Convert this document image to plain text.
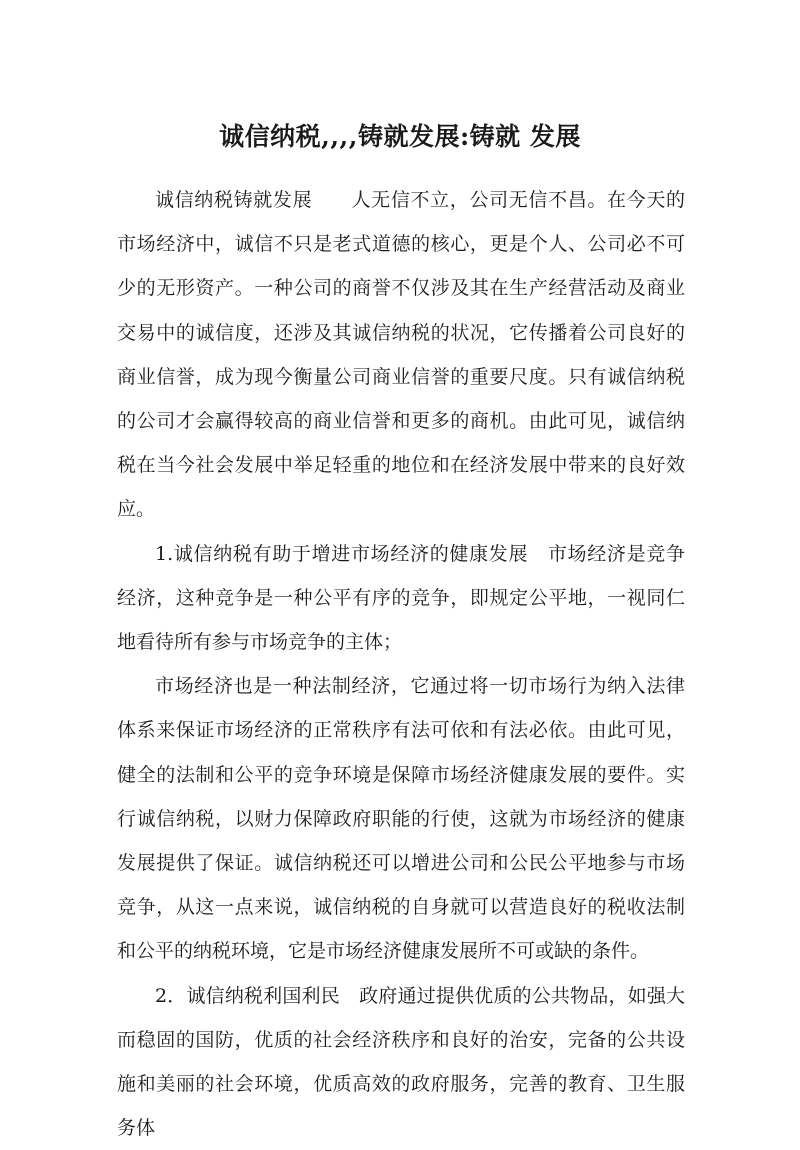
诚信纳税,,,,铸就发展:铸就 发展

诚信纳税铸就发展　　人无信不立，公司无信不昌。在今天的市场经济中，诚信不只是老式道德的核心，更是个人、公司必不可少的无形资产。一种公司的商誉不仅涉及其在生产经营活动及商业交易中的诚信度，还涉及其诚信纳税的状况，它传播着公司良好的商业信誉，成为现今衡量公司商业信誉的重要尺度。只有诚信纳税的公司才会赢得较高的商业信誉和更多的商机。由此可见，诚信纳税在当今社会发展中举足轻重的地位和在经济发展中带来的良好效应。

1.诚信纳税有助于增进市场经济的健康发展　市场经济是竞争经济，这种竞争是一种公平有序的竞争，即规定公平地，一视同仁地看待所有参与市场竞争的主体；

市场经济也是一种法制经济，它通过将一切市场行为纳入法律体系来保证市场经济的正常秩序有法可依和有法必依。由此可见，健全的法制和公平的竞争环境是保障市场经济健康发展的要件。实行诚信纳税，以财力保障政府职能的行使，这就为市场经济的健康发展提供了保证。诚信纳税还可以增进公司和公民公平地参与市场竞争，从这一点来说，诚信纳税的自身就可以营造良好的税收法制和公平的纳税环境，它是市场经济健康发展所不可或缺的条件。

2．诚信纳税利国利民　政府通过提供优质的公共物品，如强大而稳固的国防，优质的社会经济秩序和良好的治安，完备的公共设施和美丽的社会环境，优质高效的政府服务，完善的教育、卫生服务体
